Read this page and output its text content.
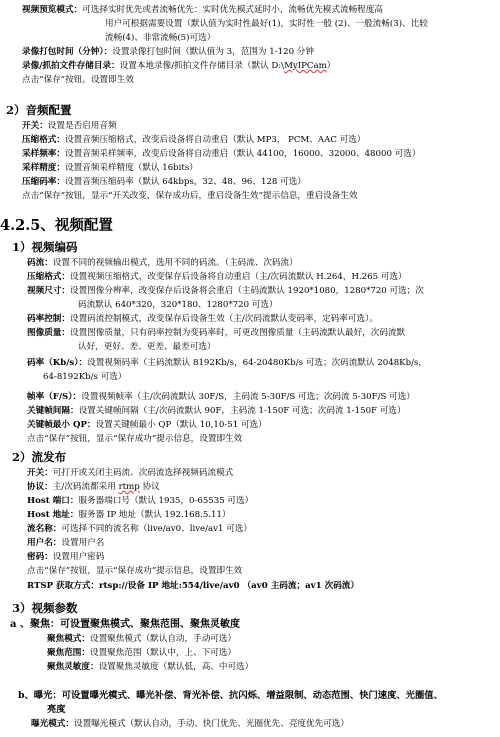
视频预览模式：可选择实时优先或者流畅优先：实时优先模式延时小，流畅优先模式流畅程度高
用户可根据需要设置（默认值为实时性最好(1)，实时性一般 (2)、一般流畅(3)、比较
流畅(4)、非常流畅(5)可选）
录像打包时间（分钟）：设置录像打包时间（默认值为 3，范围为 1-120 分钟
录像/抓拍文件存储目录：设置本地录像/抓拍文件存储目录（默认 D:\MyIPCam）
点击“保存”按钮，设置即生效
2）音频配置
开关：设置是否启用音频
压缩格式：设置音频压缩格式，改变后设备将自动重启（默认 MP3， PCM、AAC 可选）
采样频率：设置音频采样频率，改变后设备将自动重启（默认 44100，16000、32000、48000 可选）
采样精度：设置音频采样精度（默认 16bits）
压缩码率：设置音频压缩码率（默认 64kbps，32、48、96、128 可选）
点击“保存”按钮，显示“开关改变，保存成功后，重启设备生效”提示信息，重启设备生效
4.2.5、视频配置
1）视频编码
码流：设置不同的视频输出模式，选用不同的码流。（主码流、次码流）
压缩格式：设置视频压缩格式，改变保存后设备将自动重启（主/次码流默认 H.264，H.265 可选）
视频尺寸：设置图像分辨率，改变保存后设备将会重启（主码流默认 1920*1080，1280*720 可选；次
码流默认 640*320，320*180、1280*720 可选）
码率控制：设置码流控制模式，改变保存后设备生效（主/次码流默认变码率，定码率可选）。
图像质量：设置图像质量，只有码率控制为变码率时，可更改图像质量（主码流默认最好，次码流默
认好，更好、差、更差、最差可选）
码率（Kb/s）：设置视频码率（主码流默认 8192Kb/s，64-20480Kb/s 可选；次码流默认 2048Kb/s，
64-8192Kb/s 可选）
帧率（F/S）：设置视频帧率（主/次码流默认 30F/S，主码流 5-30F/S 可选；次码流 5-30F/S 可选）
关键帧间隔：设置关键帧间隔（主/次码流默认 90F，主码流 1-150F 可选；次码流 1-150F 可选）
关键帧最小 QP：设置关键帧最小 QP（默认 10,10-51 可选）
点击“保存”按钮，显示“保存成功”提示信息，设置即生效
2）流发布
开关：可打开或关闭主码流、次码流选择视频码流模式
协议：主/次码流都采用 rtmp 协议
Host 端口：服务器端口号（默认 1935，0-65535 可选）
Host 地址：服务器 IP 地址（默认 192.168.5.11）
流名称：可选择不同的流名称（live/av0、live/av1 可选）
用户名：设置用户名
密码：设置用户密码
点击“保存”按钮，显示“保存成功”提示信息，设置即生效
RTSP 获取方式：rtsp://设备 IP 地址:554/live/av0 （av0 主码流；av1 次码流）
3）视频参数
a 、聚焦：可设置聚焦模式、聚焦范围、聚焦灵敏度
聚焦模式：设置聚焦模式（默认自动，手动可选）
聚焦范围：设置聚焦范围（默认中，上、下可选）
聚焦灵敏度：设置聚焦灵敏度（默认低，高、中可选）
b、曝光：可设置曝光模式、曝光补偿、背光补偿、抗闪烁、增益限制、动态范围、快门速度、光圈值、
亮度
曝光模式：设置曝光模式（默认自动，手动、快门优先、光圈优先、亮度优先可选）
